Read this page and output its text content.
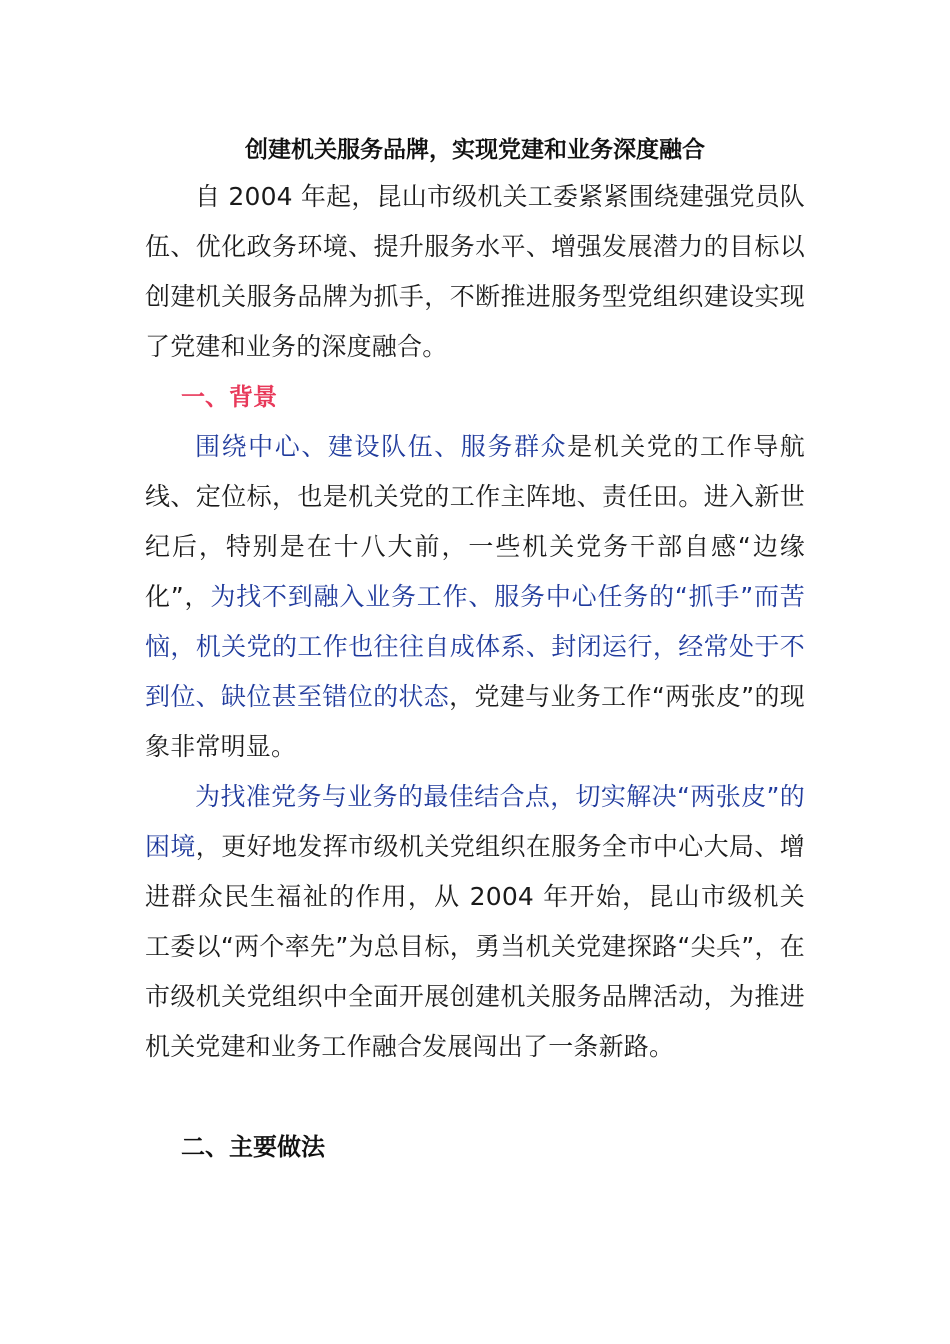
创建机关服务品牌，实现党建和业务深度融合

自 2004 年起，昆山市级机关工委紧紧围绕建强党员队伍、优化政务环境、提升服务水平、增强发展潜力的目标以创建机关服务品牌为抓手，不断推进服务型党组织建设实现了党建和业务的深度融合。

一、背景

围绕中心、建设队伍、服务群众是机关党的工作导航线、定位标，也是机关党的工作主阵地、责任田。进入新世纪后，特别是在十八大前，一些机关党务干部自感“边缘化”，为找不到融入业务工作、服务中心任务的“抓手”而苦恼，机关党的工作也往往自成体系、封闭运行，经常处于不到位、缺位甚至错位的状态，党建与业务工作“两张皮”的现象非常明显。

为找准党务与业务的最佳结合点，切实解决“两张皮”的困境，更好地发挥市级机关党组织在服务全市中心大局、增进群众民生福祉的作用，从 2004 年开始，昆山市级机关工委以“两个率先”为总目标，勇当机关党建探路“尖兵”，在市级机关党组织中全面开展创建机关服务品牌活动，为推进机关党建和业务工作融合发展闯出了一条新路。

二、主要做法
